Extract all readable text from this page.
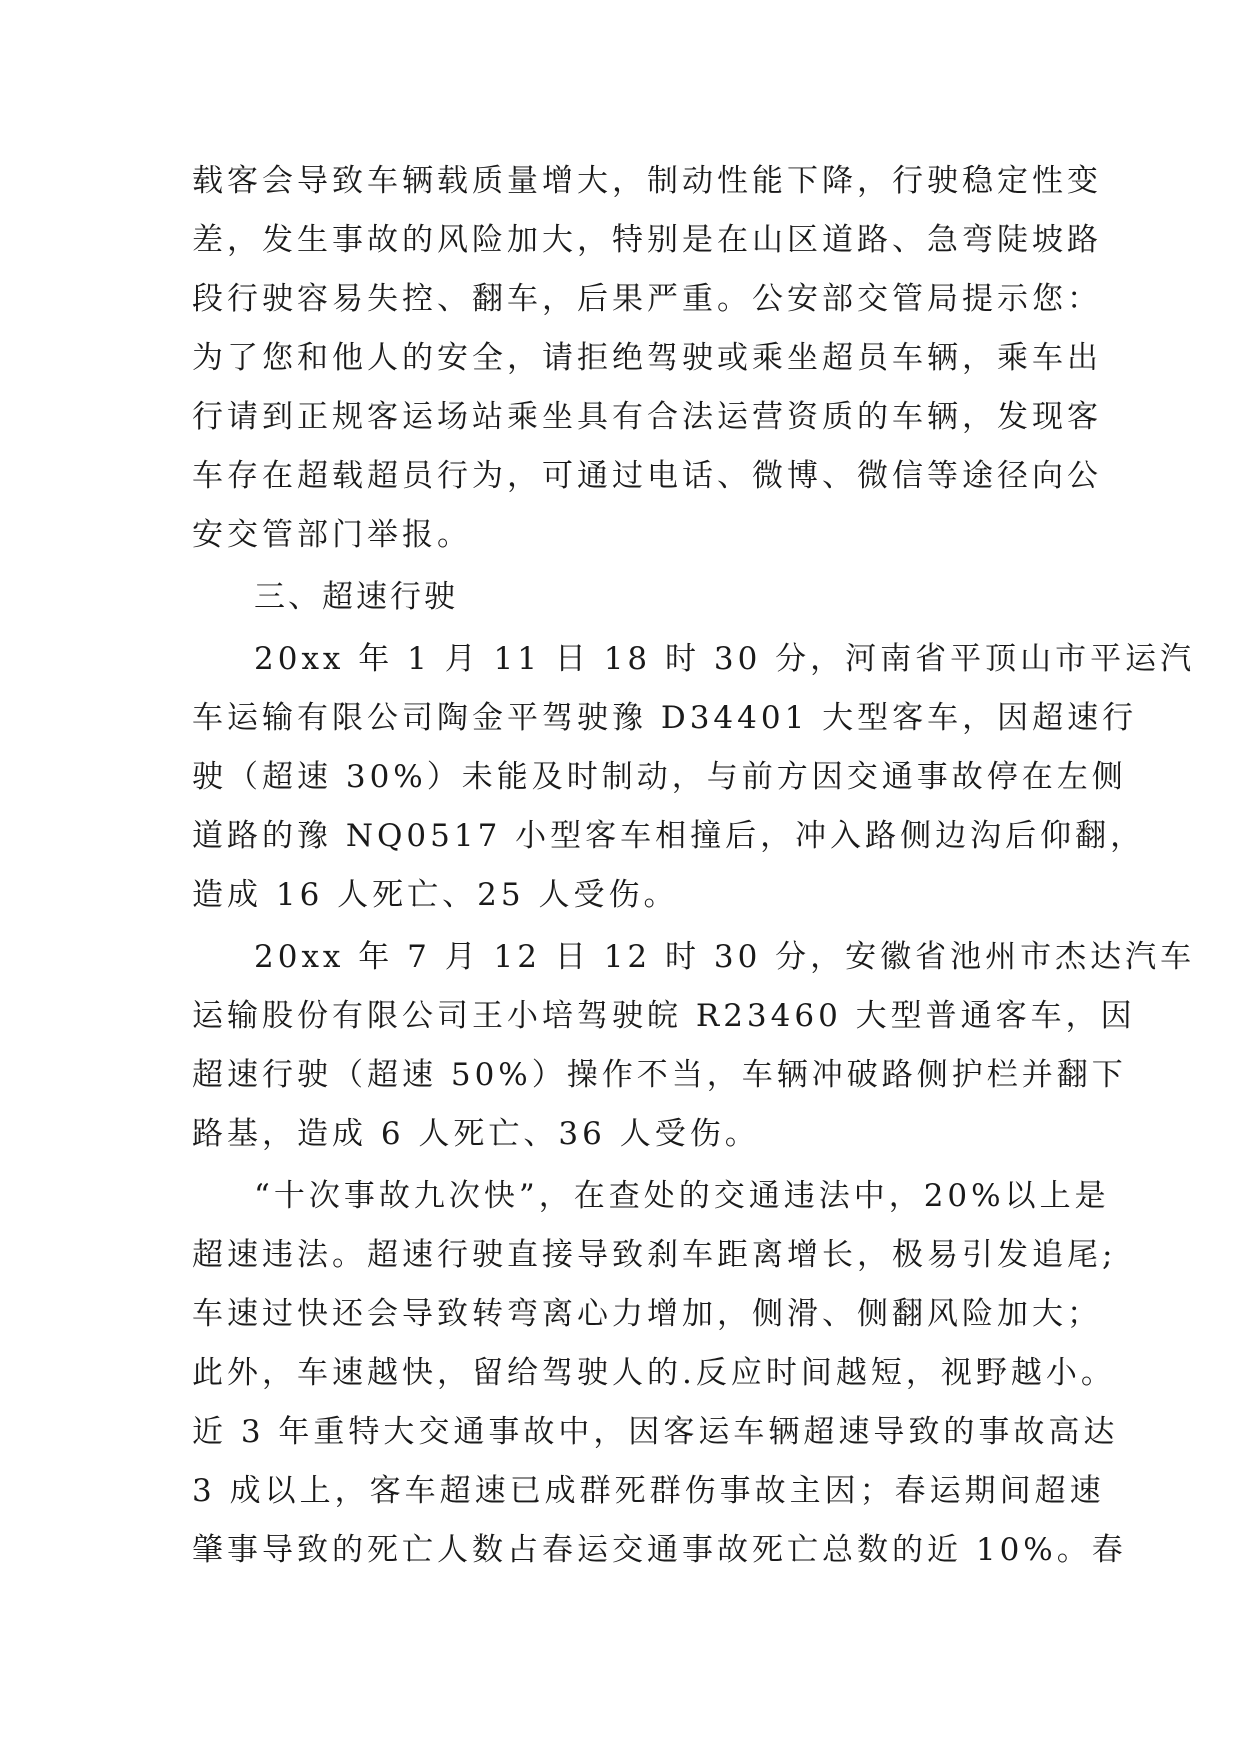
载客会导致车辆载质量增大，制动性能下降，行驶稳定性变
差，发生事故的风险加大，特别是在山区道路、急弯陡坡路
段行驶容易失控、翻车，后果严重。公安部交管局提示您：
为了您和他人的安全，请拒绝驾驶或乘坐超员车辆，乘车出
行请到正规客运场站乘坐具有合法运营资质的车辆，发现客
车存在超载超员行为，可通过电话、微博、微信等途径向公
安交管部门举报。
三、超速行驶
20xx 年 1 月 11 日 18 时 30 分，河南省平顶山市平运汽
车运输有限公司陶金平驾驶豫 D34401 大型客车，因超速行
驶（超速 30%）未能及时制动，与前方因交通事故停在左侧
道路的豫 NQ0517 小型客车相撞后，冲入路侧边沟后仰翻，
造成 16 人死亡、25 人受伤。
20xx 年 7 月 12 日 12 时 30 分，安徽省池州市杰达汽车
运输股份有限公司王小培驾驶皖 R23460 大型普通客车，因
超速行驶（超速 50%）操作不当，车辆冲破路侧护栏并翻下
路基，造成 6 人死亡、36 人受伤。
“十次事故九次快”，在查处的交通违法中，20%以上是
超速违法。超速行驶直接导致刹车距离增长，极易引发追尾;
车速过快还会导致转弯离心力增加，侧滑、侧翻风险加大；
此外，车速越快，留给驾驶人的.反应时间越短，视野越小。
近 3 年重特大交通事故中，因客运车辆超速导致的事故高达
3 成以上，客车超速已成群死群伤事故主因；春运期间超速
肇事导致的死亡人数占春运交通事故死亡总数的近 10%。春
